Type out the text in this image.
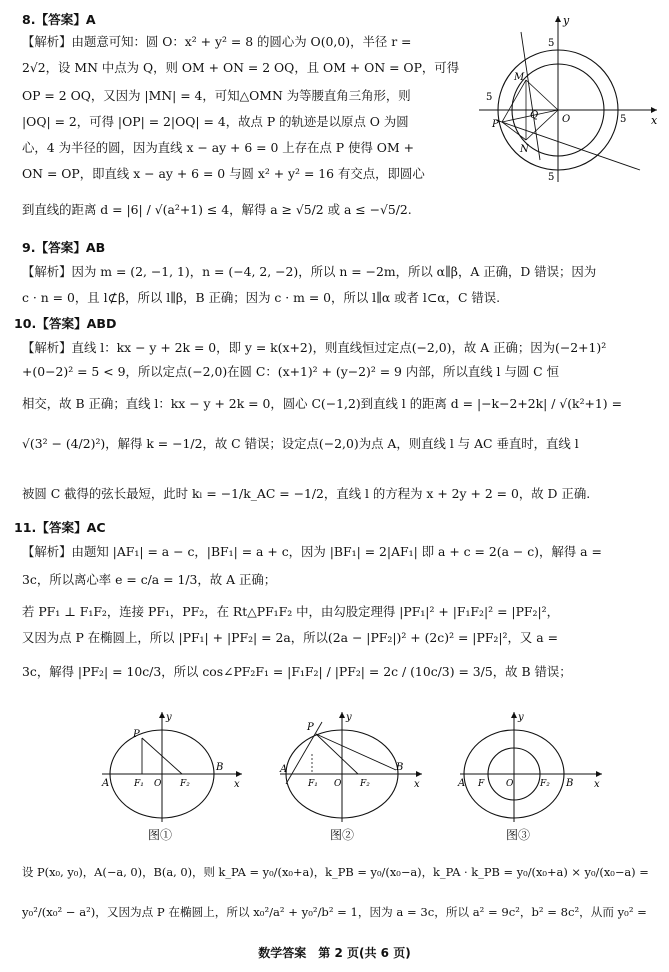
8.【答案】A
【解析】由题意可知：圆 O：x² + y² = 8 的圆心为 O(0,0)，半径 r =
2√2，设 MN 中点为 Q，则 OM + ON = 2 OQ，且 OM + ON = OP，可得
OP = 2 OQ，又因为 |MN| = 4，可知△OMN 为等腰直角三角形，则
|OQ| = 2，可得 |OP| = 2|OQ| = 4，故点 P 的轨迹是以原点 O 为圆
心，4 为半径的圆，因为直线 x − ay + 6 = 0 上存在点 P 使得 OM +
ON = OP，即直线 x − ay + 6 = 0 与圆 x² + y² = 16 有交点，即圆心
到直线的距离 d = |6| / √(a²+1) ≤ 4，解得 a ≥ √5/2 或 a ≤ −√5/2.
y
x
5
5
5
5
O
P
M
N
Q
9.【答案】AB
【解析】因为 m = (2, −1, 1)，n = (−4, 2, −2)，所以 n = −2m，所以 α∥β，A 正确，D 错误；因为
c · n = 0，且 l⊄β，所以 l∥β，B 正确；因为 c · m = 0，所以 l∥α 或者 l⊂α，C 错误.
10.【答案】ABD
【解析】直线 l：kx − y + 2k = 0，即 y = k(x+2)，则直线恒过定点(−2,0)，故 A 正确；因为(−2+1)²
+(0−2)² = 5 < 9，所以定点(−2,0)在圆 C：(x+1)² + (y−2)² = 9 内部，所以直线 l 与圆 C 恒
相交，故 B 正确；直线 l：kx − y + 2k = 0，圆心 C(−1,2)到直线 l 的距离 d = |−k−2+2k| / √(k²+1) =
√(3² − (4/2)²)，解得 k = −1/2，故 C 错误；设定点(−2,0)为点 A，则直线 l 与 AC 垂直时，直线 l
被圆 C 截得的弦长最短，此时 kₗ = −1/k_AC = −1/2，直线 l 的方程为 x + 2y + 2 = 0，故 D 正确.
11.【答案】AC
【解析】由题知 |AF₁| = a − c，|BF₁| = a + c，因为 |BF₁| = 2|AF₁| 即 a + c = 2(a − c)，解得 a =
3c，所以离心率 e = c/a = 1/3，故 A 正确；
若 PF₁ ⊥ F₁F₂，连接 PF₁，PF₂，在 Rt△PF₁F₂ 中，由勾股定理得 |PF₁|² + |F₁F₂|² = |PF₂|²，
又因为点 P 在椭圆上，所以 |PF₁| + |PF₂| = 2a，所以(2a − |PF₂|)² + (2c)² = |PF₂|²，又 a =
3c，解得 |PF₂| = 10c/3，所以 cos∠PF₂F₁ = |F₁F₂| / |PF₂| = 2c / (10c/3) = 3/5，故 B 错误；
y
x
A
B
P
F₁	F₂
O
图①
y
x
A	B
P
F₁	F₂
O
图②
y
x
A	B
F	F₂
O
图③
设 P(x₀, y₀)，A(−a, 0)，B(a, 0)，则 k_PA = y₀/(x₀+a)，k_PB = y₀/(x₀−a)，k_PA · k_PB = y₀/(x₀+a) × y₀/(x₀−a) =
y₀²/(x₀² − a²)，又因为点 P 在椭圆上，所以 x₀²/a² + y₀²/b² = 1，因为 a = 3c，所以 a² = 9c²，b² = 8c²，从而 y₀² =
数学答案　第 2 页(共 6 页)
